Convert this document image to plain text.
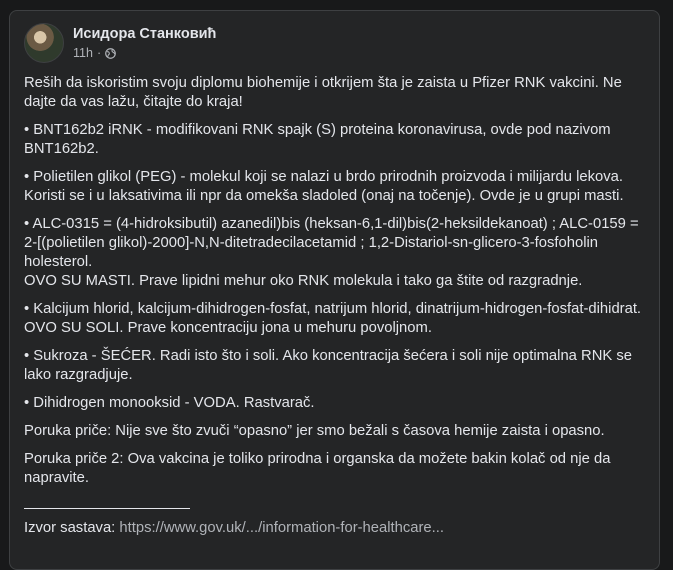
Исидора Станковић
11h ·

Reših da iskoristim svoju diplomu biohemije i otkrijem šta je zaista u Pfizer RNK vakcini. Ne dajte da vas lažu, čitajte do kraja!

• BNT162b2 iRNK - modifikovani RNK spajk (S) proteina koronavirusa, ovde pod nazivom BNT162b2.

• Polietilen glikol (PEG) - molekul koji se nalazi u brdo prirodnih proizvoda i milijardu lekova. Koristi se i u laksativima ili npr da omekša sladoled (onaj na točenje). Ovde je u grupi masti.

• ALC-0315 = (4-hidroksibutil) azanedil)bis (heksan-6,1-dil)bis(2-heksildekanoat) ; ALC-0159 = 2-[(polietilen glikol)-2000]-N,N-ditetradecilacetamid ; 1,2-Distariol-sn-glicero-3-fosfoholin holesterol.
OVO SU MASTI. Prave lipidni mehur oko RNK molekula i tako ga štite od razgradnje.

• Kalcijum hlorid, kalcijum-dihidrogen-fosfat, natrijum hlorid, dinatrijum-hidrogen-fosfat-dihidrat. OVO SU SOLI. Prave koncentraciju jona u mehuru povoljnom.

• Sukroza - ŠEĆER. Radi isto što i soli. Ako koncentracija šećera i soli nije optimalna RNK se lako razgradjuje.

• Dihidrogen monooksid - VODA. Rastvarač.

Poruka priče: Nije sve što zvuči “opasno” jer smo bežali s časova hemije zaista i opasno.

Poruka priče 2: Ova vakcina je toliko prirodna i organska da možete bakin kolač od nje da napravite.

Izvor sastava: https://www.gov.uk/.../information-for-healthcare...
